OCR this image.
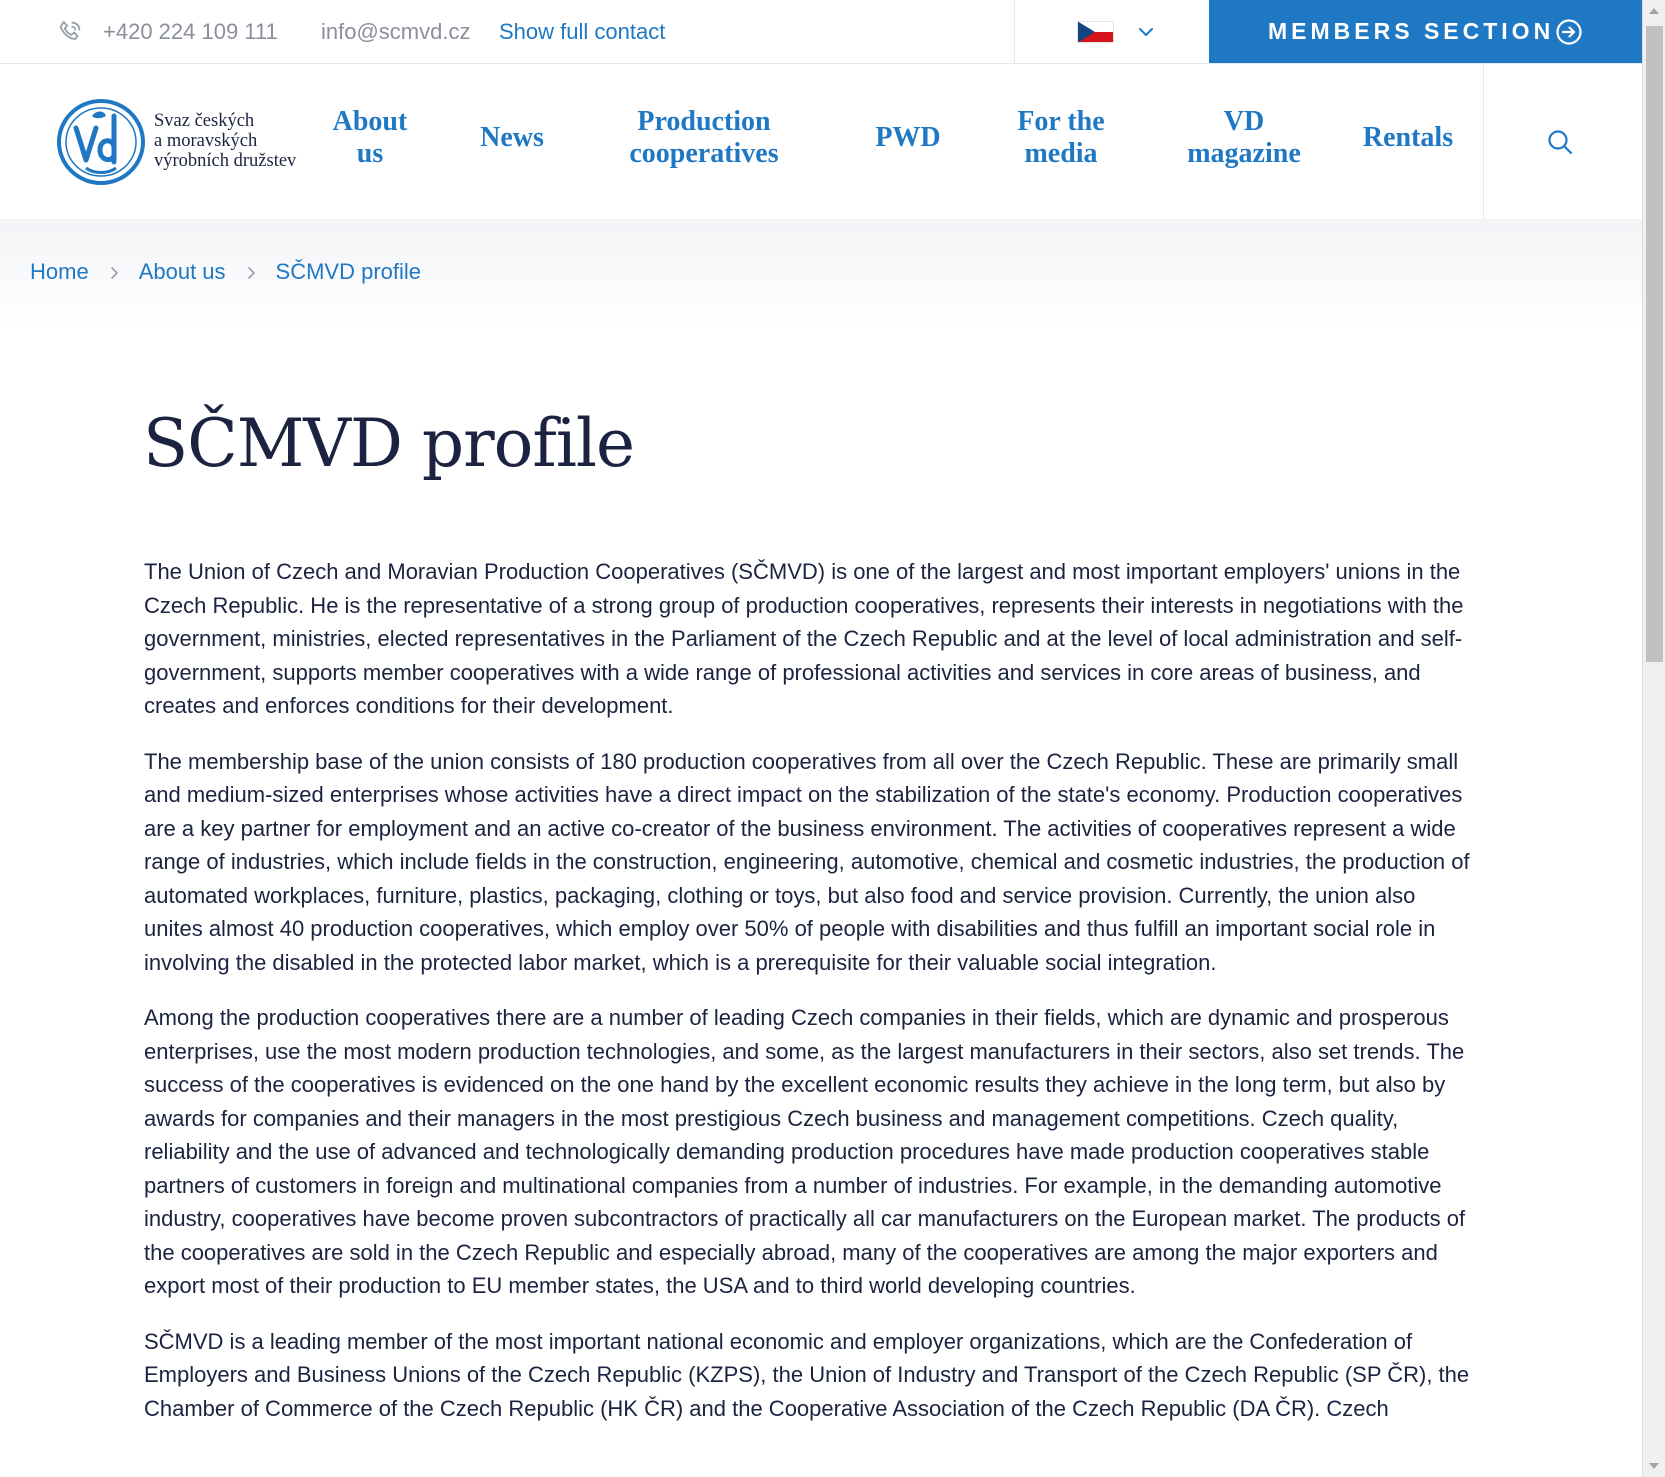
+420 224 109 111 info@scmvd.cz Show full contact	MEMBERS SECTION
Svaz českých
a moravských
výrobních družstev
About
us
News
Production
cooperatives
PWD
For the
media
VD
magazine
Rentals
Home About us SČMVD profile
SČMVD profile

The Union of Czech and Moravian Production Cooperatives (SČMVD) is one of the largest and most important employers' unions in the Czech Republic. He is the representative of a strong group of production cooperatives, represents their interests in negotiations with the government, ministries, elected representatives in the Parliament of the Czech Republic and at the level of local administration and self-government, supports member cooperatives with a wide range of professional activities and services in core areas of business, and creates and enforces conditions for their development.

The membership base of the union consists of 180 production cooperatives from all over the Czech Republic. These are primarily small and medium-sized enterprises whose activities have a direct impact on the stabilization of the state's economy. Production cooperatives are a key partner for employment and an active co-creator of the business environment. The activities of cooperatives represent a wide range of industries, which include fields in the construction, engineering, automotive, chemical and cosmetic industries, the production of automated workplaces, furniture, plastics, packaging, clothing or toys, but also food and service provision. Currently, the union also unites almost 40 production cooperatives, which employ over 50% of people with disabilities and thus fulfill an important social role in involving the disabled in the protected labor market, which is a prerequisite for their valuable social integration.

Among the production cooperatives there are a number of leading Czech companies in their fields, which are dynamic and prosperous enterprises, use the most modern production technologies, and some, as the largest manufacturers in their sectors, also set trends. The success of the cooperatives is evidenced on the one hand by the excellent economic results they achieve in the long term, but also by awards for companies and their managers in the most prestigious Czech business and management competitions. Czech quality, reliability and the use of advanced and technologically demanding production procedures have made production cooperatives stable partners of customers in foreign and multinational companies from a number of industries. For example, in the demanding automotive industry, cooperatives have become proven subcontractors of practically all car manufacturers on the European market. The products of the cooperatives are sold in the Czech Republic and especially abroad, many of the cooperatives are among the major exporters and export most of their production to EU member states, the USA and to third world developing countries.

SČMVD is a leading member of the most important national economic and employer organizations, which are the Confederation of Employers and Business Unions of the Czech Republic (KZPS), the Union of Industry and Transport of the Czech Republic (SP ČR), the Chamber of Commerce of the Czech Republic (HK ČR) and the Cooperative Association of the Czech Republic (DA ČR). Czech
